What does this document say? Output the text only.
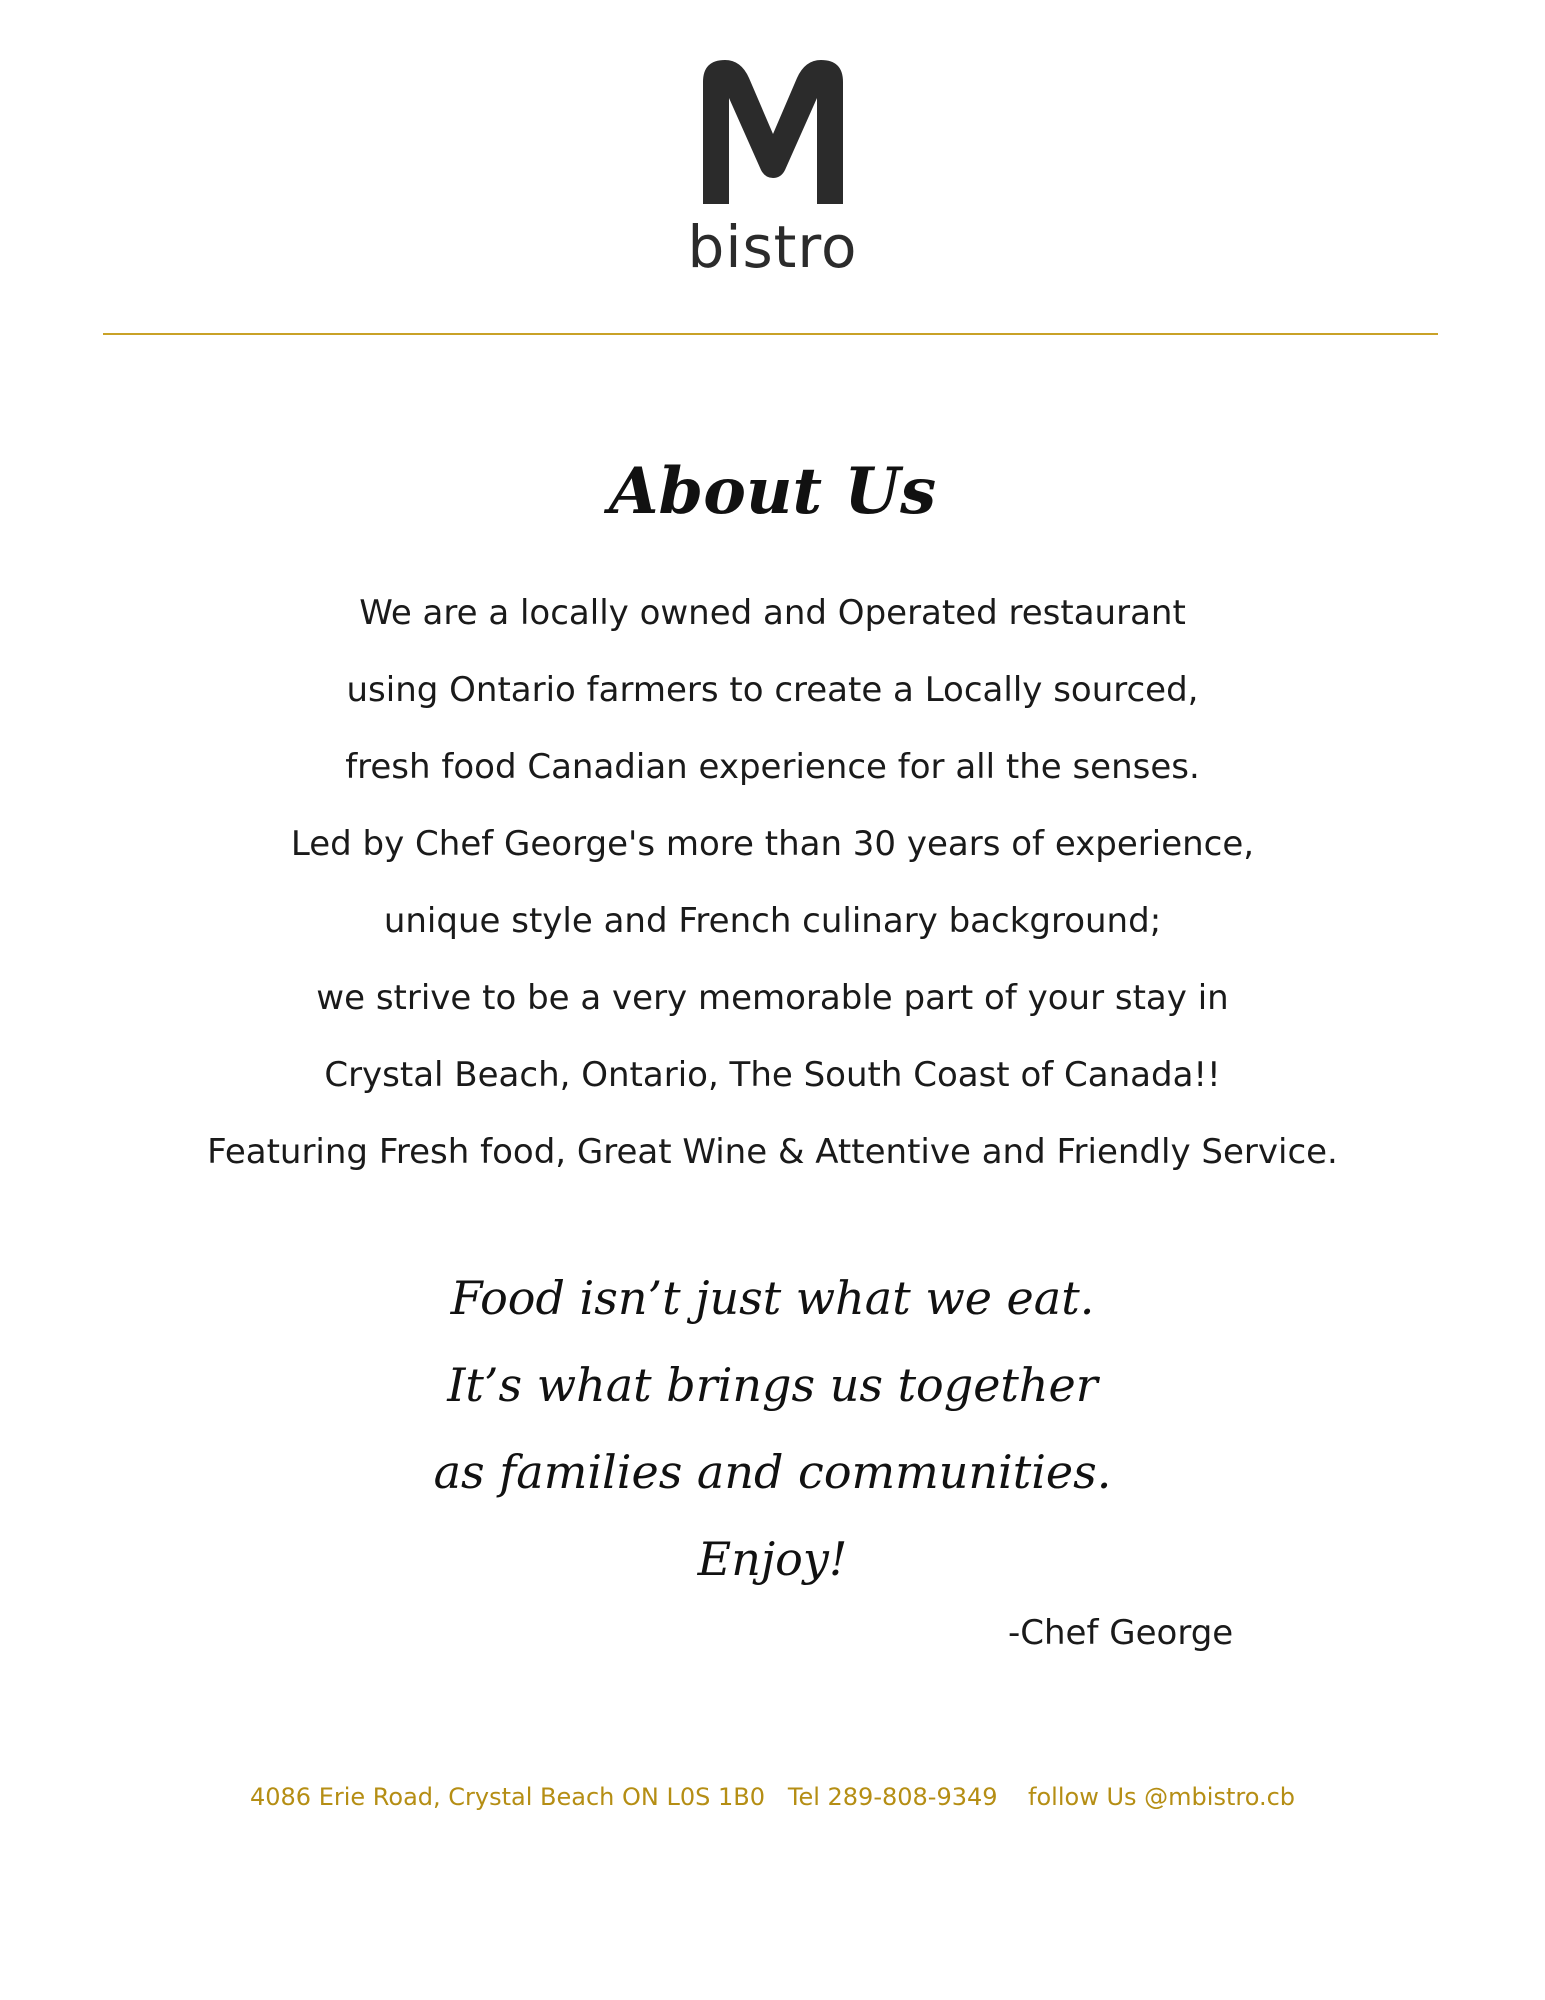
bistro
About Us
We are a locally owned and Operated restaurant
using Ontario farmers to create a Locally sourced,
fresh food Canadian experience for all the senses.
Led by Chef George's more than 30 years of experience,
unique style and French culinary background;
we strive to be a very memorable part of your stay in
Crystal Beach, Ontario, The South Coast of Canada!!
Featuring Fresh food, Great Wine & Attentive and Friendly Service.
Food isn’t just what we eat.
It’s what brings us together
as families and communities.
Enjoy!
-Chef George
4086 Erie Road, Crystal Beach ON L0S 1B0 Tel 289-808-9349 follow Us @mbistro.cb
